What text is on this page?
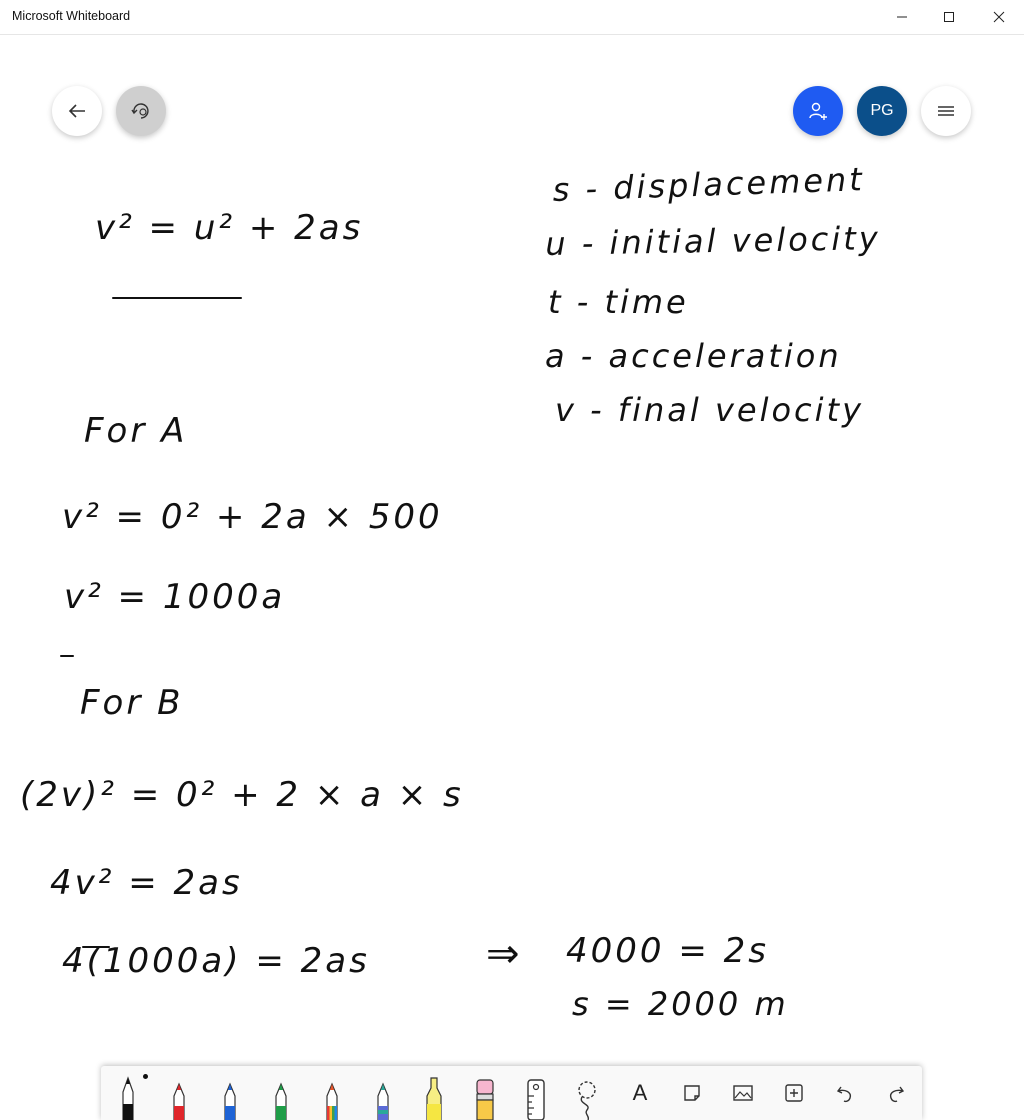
Microsoft Whiteboard
PG
v² = u² + 2as
s - displacement
u - initial velocity
t - time
a - acceleration
v - final velocity
For A
v² = 0² + 2a × 500
v² = 1000a
For B
(2v)² = 0² + 2 × a × s
4v² = 2as
4(1000a) = 2as	⇒ 4000 = 2s
s = 2000 m
A
